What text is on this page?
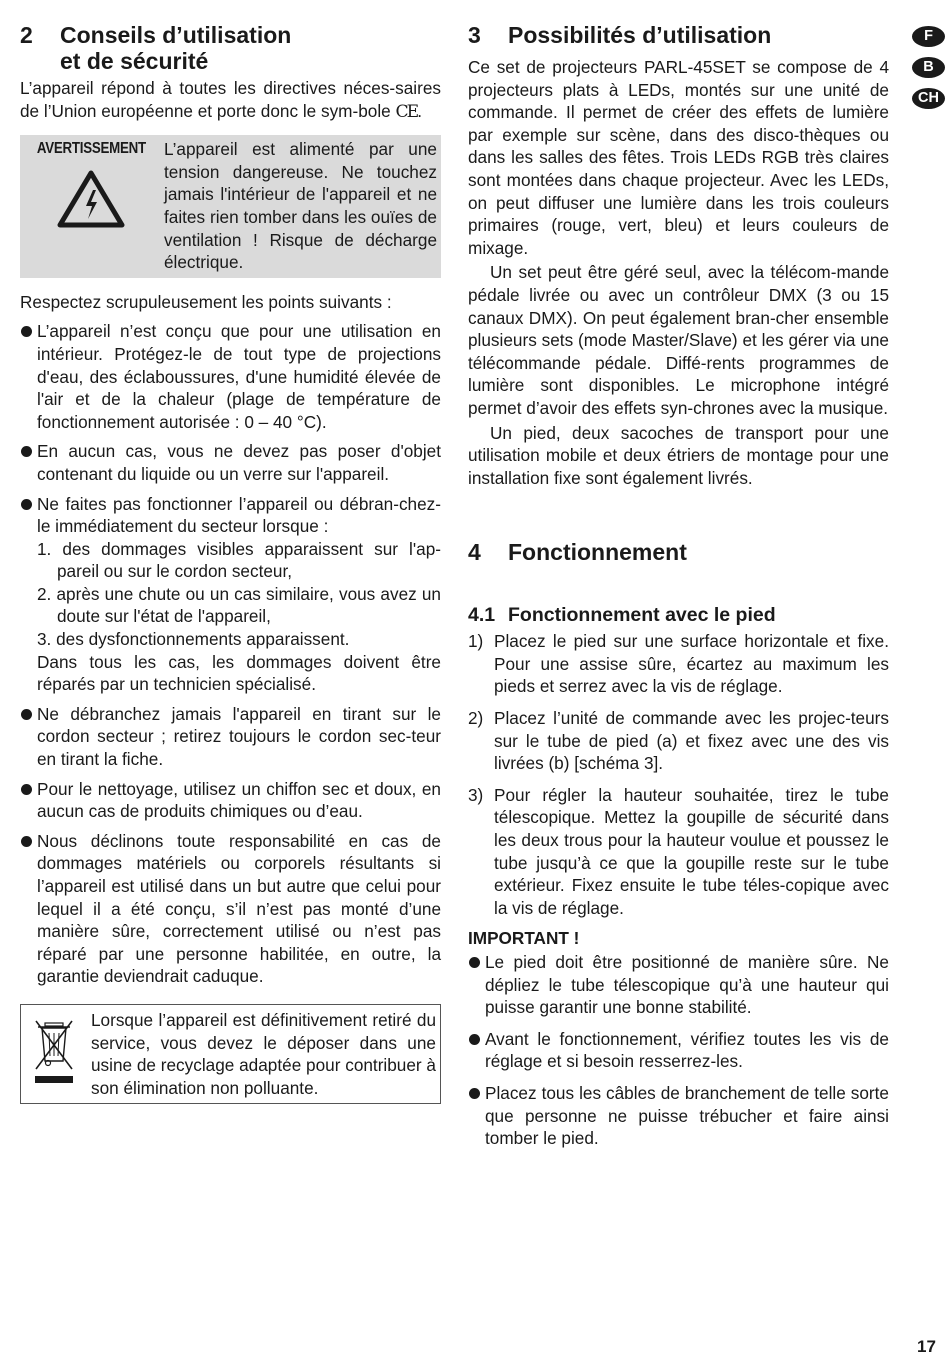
2	Conseils d’utilisation
et de sécurité

L’appareil répond à toutes les directives néces-saires de l’Union européenne et porte donc le sym-bole CE.

AVERTISSEMENT L’appareil est alimenté par une tension dangereuse. Ne touchez jamais l'intérieur de l'appareil et ne faites rien tomber dans les ouïes de ventilation ! Risque de décharge électrique.

Respectez scrupuleusement les points suivants :

L’appareil n’est conçu que pour une utilisation en intérieur. Protégez-le de tout type de projections d'eau, des éclaboussures, d'une humidité élevée de l'air et de la chaleur (plage de température de fonctionnement autorisée : 0 – 40 °C).
En aucun cas, vous ne devez pas poser d'objet contenant du liquide ou un verre sur l'appareil.
Ne faites pas fonctionner l’appareil ou débran-chez-le immédiatement du secteur lorsque :
1. des dommages visibles apparaissent sur l'ap-pareil ou sur le cordon secteur,
2. après une chute ou un cas similaire, vous avez un doute sur l'état de l'appareil,
3. des dysfonctionnements apparaissent.
Dans tous les cas, les dommages doivent être réparés par un technicien spécialisé.
Ne débranchez jamais l'appareil en tirant sur le cordon secteur ; retirez toujours le cordon sec-teur en tirant la fiche.
Pour le nettoyage, utilisez un chiffon sec et doux, en aucun cas de produits chimiques ou d’eau.
Nous déclinons toute responsabilité en cas de dommages matériels ou corporels résultants si l’appareil est utilisé dans un but autre que celui pour lequel il a été conçu, s’il n’est pas monté d’une manière sûre, correctement utilisé ou n’est pas réparé par une personne habilitée, en outre, la garantie deviendrait caduque.

Lorsque l’appareil est définitivement retiré du service, vous devez le déposer dans une usine de recyclage adaptée pour contribuer à son élimination non polluante.

3	Possibilités d’utilisation

Ce set de projecteurs PARL-45SET se compose de 4 projecteurs plats à LEDs, montés sur une unité de commande. Il permet de créer des effets de lumière par exemple sur scène, dans des disco-thèques ou dans les salles des fêtes. Trois LEDs RGB très claires sont montées dans chaque projecteur. Avec les LEDs, on peut diffuser une lumière dans les trois couleurs primaires (rouge, vert, bleu) et leurs couleurs de mixage.

Un set peut être géré seul, avec la télécom-mande pédale livrée ou avec un contrôleur DMX (3 ou 15 canaux DMX). On peut également bran-cher ensemble plusieurs sets (mode Master/Slave) et les gérer via une télécommande pédale. Diffé-rents programmes de lumière sont disponibles. Le microphone intégré permet d’avoir des effets syn-chrones avec la musique.

Un pied, deux sacoches de transport pour une utilisation mobile et deux étriers de montage pour une installation fixe sont également livrés.

4	Fonctionnement
4.1 Fonctionnement avec le pied
1) Placez le pied sur une surface horizontale et fixe. Pour une assise sûre, écartez au maximum les pieds et serrez avec la vis de réglage.

2) Placez l’unité de commande avec les projec-teurs sur le tube de pied (a) et fixez avec une des vis livrées (b) [schéma 3].

3) Pour régler la hauteur souhaitée, tirez le tube télescopique. Mettez la goupille de sécurité dans les deux trous pour la hauteur voulue et poussez le tube jusqu’à ce que la goupille reste sur le tube extérieur. Fixez ensuite le tube téles-copique avec la vis de réglage.

IMPORTANT !

Le pied doit être positionné de manière sûre. Ne dépliez le tube télescopique qu’à une hauteur qui puisse garantir une bonne stabilité.
Avant le fonctionnement, vérifiez toutes les vis de réglage et si besoin resserrez-les.
Placez tous les câbles de branchement de telle sorte que personne ne puisse trébucher et faire ainsi tomber le pied.
F
B
CH
17
